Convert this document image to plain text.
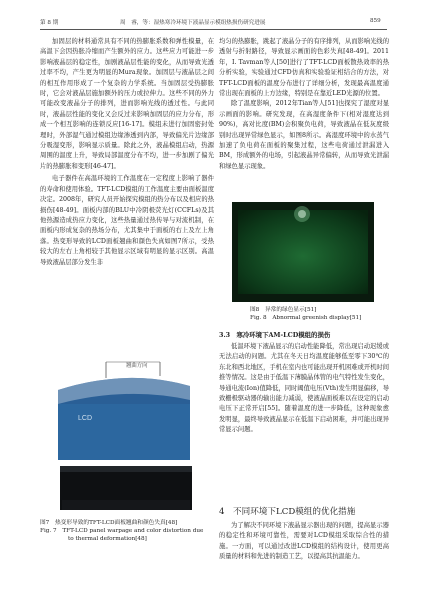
第 8 期	周　睿，等：湿热寒冷环境下液晶显示模组热损伤研究进展	859

加固层的材料通常具有不同的热膨胀系数和弹性模量，在高温下会因热胀冷缩而产生额外的应力。这些应力可能进一步影响液晶层的稳定性，加剧液晶层性能的变化，从而导致光透过率不均，产生更为明显的Mura现象。加固层与液晶层之间的相互作用形成了一个复杂的力学系统。当加固层受热膨胀时，它会对液晶层施加额外的压力或拉伸力。这些不同的外力可能改变液晶分子的排列，进而影响光线的透过性。与此同时，液晶层性能的变化又会反过来影响加固层的应力分布，形成一个相互影响的连锁反应[16-17]。模组未进行加固密封处理时，外部湿气通过模组边缘渗透到内部，导致偏光片边缘部分吸湿变形，影响显示质量。除此之外，液晶模组启动，热源周围的温度上升，导致局部温度分布不均，进一步加剧了偏光片的热膨胀和变形[46-47]。

电子器件在高温环境的工作温度在一定程度上影响了器件的寿命和使用体验。TFT-LCD模组的工作温度主要由面板温度决定。2008年，研究人员开始探究模组的热分布以及相应的热损伤[48-49]。面板内部的BLU中冷阴极荧光灯(CCFLs)及其他热源造成热应力变化，这些热量通过热传导与对流机制，在面板内形成复杂的热场分布，尤其集中于面板的右上及左上角落。热变形导致的LCD面板翘曲和颜色失真如图7所示，受热较大的左右上角相较于其他显示区域有明显的显示区别。高温导致液晶层部分发生非

翘曲方向
LCD
图7　热变形导致的TFT-LCD面板翘曲和颜色失真[48]
Fig. 7　TFT-LCD panel warpage and color distortion due
to thermal deformation[48]

均匀的热膨胀，跳起了液晶分子的有序排列，从而影响光线的透射与折射路径，导致显示画面的色彩失真[48-49]。2011年，I. Tavman等人[50]进行了TFT-LCD面板散热效率的热分析实验，实验通过CFD仿真和实验验证相结合的方法，对TFT-LCD面板的温度分布进行了详细分析，发现最高温度通常出现在面板的上方边缘，特别是在靠近LED光源的位置。

除了温度影响，2012年Tian等人[51]也探究了湿度对显示画面的影响。研究发现，在高湿度条件下(相对湿度达到90%)，高对比度(BM)会积聚负电荷，导致液晶在低灰度级别时出现异常绿色显示，如图8所示。高湿度环境中的水蒸气加速了负电荷在面板的聚集过程，这些电荷通过泄漏进入BM，形成额外的电场，引起液晶异常偏转，从而导致光泄漏和绿色显示现象。

图8　异常的绿色显示[51]
Fig. 8　Abnormal greenish display[51]
3.3　寒冷环境下AM-LCD模组的损伤

低温环境下液晶显示的启动性能降低，常出现启动迟缓或无法启动的问题。尤其在冬天日均温度能够低至零下30℃的东北和西北地区，手机在室内也可能出现开机困难或开机时间推等情况。这是由于低温下薄膜晶体管的电气特性发生变化，导通电流(Ion)值降低，同时阈值电压(Vth)发生明显偏移，导致栅极驱动器的输出能力减弱，使液晶面板难以在设定的启动电压下正常开启[55]。随着温度的进一步降低，这种现象愈发明显，最终导致液晶显示在低温下启动困难，并可能出现异常显示问题。

4　不同环境下LCD模组的优化措施

为了解决不同环境下液晶显示器出现的问题，提高显示器的稳定性和环境可靠性，需要对LCD模组采取综合性的措施。一方面，可以通过改进LCD模组的结构设计，使用更高质量的材料和先进的制造工艺，以提高其抗温能力。
